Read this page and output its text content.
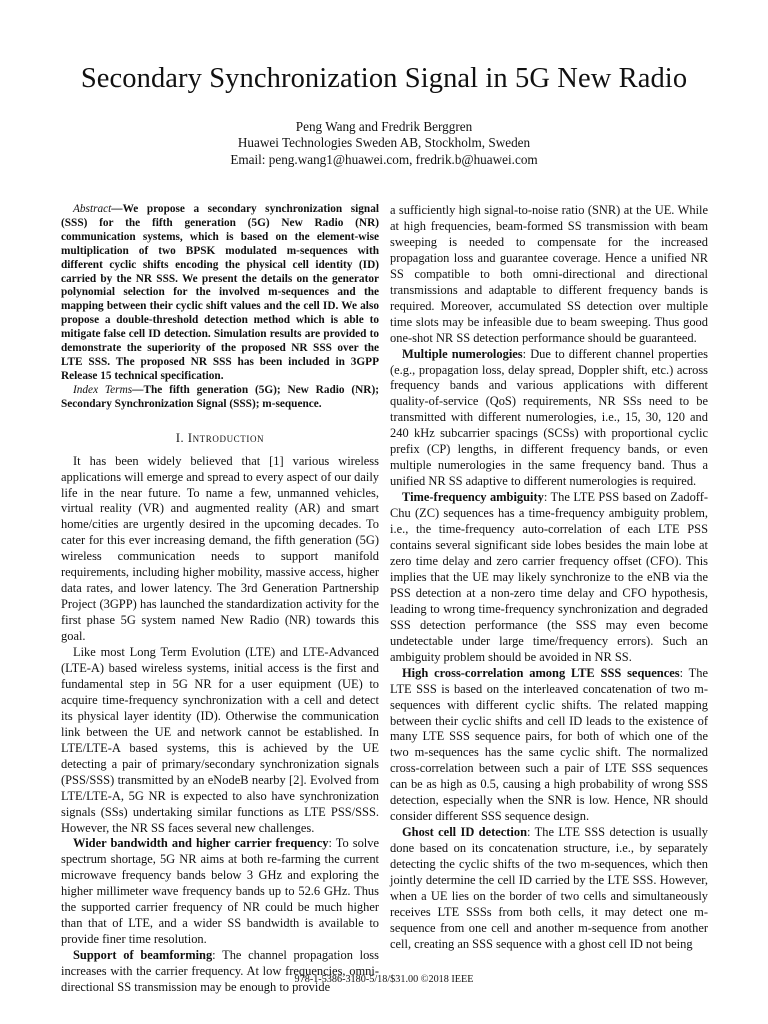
Secondary Synchronization Signal in 5G New Radio
Peng Wang and Fredrik Berggren
Huawei Technologies Sweden AB, Stockholm, Sweden
Email: peng.wang1@huawei.com, fredrik.b@huawei.com

Abstract—We propose a secondary synchronization signal (SSS) for the fifth generation (5G) New Radio (NR) communication systems, which is based on the element-wise multiplication of two BPSK modulated m-sequences with different cyclic shifts encoding the physical cell identity (ID) carried by the NR SSS. We present the details on the generator polynomial selection for the involved m-sequences and the mapping between their cyclic shift values and the cell ID. We also propose a double-threshold detection method which is able to mitigate false cell ID detection. Simulation results are provided to demonstrate the superiority of the proposed NR SSS over the LTE SSS. The proposed NR SSS has been included in 3GPP Release 15 technical specification.

Index Terms—The fifth generation (5G); New Radio (NR); Secondary Synchronization Signal (SSS); m-sequence.

I. Introduction

It has been widely believed that [1] various wireless applications will emerge and spread to every aspect of our daily life in the near future. To name a few, unmanned vehicles, virtual reality (VR) and augmented reality (AR) and smart home/cities are urgently desired in the upcoming decades. To cater for this ever increasing demand, the fifth generation (5G) wireless communication needs to support manifold requirements, including higher mobility, massive access, higher data rates, and lower latency. The 3rd Generation Partnership Project (3GPP) has launched the standardization activity for the first phase 5G system named New Radio (NR) towards this goal.

Like most Long Term Evolution (LTE) and LTE-Advanced (LTE-A) based wireless systems, initial access is the first and fundamental step in 5G NR for a user equipment (UE) to acquire time-frequency synchronization with a cell and detect its physical layer identity (ID). Otherwise the communication link between the UE and network cannot be established. In LTE/LTE-A based systems, this is achieved by the UE detecting a pair of primary/secondary synchronization signals (PSS/SSS) transmitted by an eNodeB nearby [2]. Evolved from LTE/LTE-A, 5G NR is expected to also have synchronization signals (SSs) undertaking similar functions as LTE PSS/SSS. However, the NR SS faces several new challenges.

Wider bandwidth and higher carrier frequency: To solve spectrum shortage, 5G NR aims at both re-farming the current microwave frequency bands below 3 GHz and exploring the higher millimeter wave frequency bands up to 52.6 GHz. Thus the supported carrier frequency of NR could be much higher than that of LTE, and a wider SS bandwidth is available to provide finer time resolution.

Support of beamforming: The channel propagation loss increases with the carrier frequency. At low frequencies, omni-directional SS transmission may be enough to provide

a sufficiently high signal-to-noise ratio (SNR) at the UE. While at high frequencies, beam-formed SS transmission with beam sweeping is needed to compensate for the increased propagation loss and guarantee coverage. Hence a unified NR SS compatible to both omni-directional and directional transmissions and adaptable to different frequency bands is required. Moreover, accumulated SS detection over multiple time slots may be infeasible due to beam sweeping. Thus good one-shot NR SS detection performance should be guaranteed.

Multiple numerologies: Due to different channel properties (e.g., propagation loss, delay spread, Doppler shift, etc.) across frequency bands and various applications with different quality-of-service (QoS) requirements, NR SSs need to be transmitted with different numerologies, i.e., 15, 30, 120 and 240 kHz subcarrier spacings (SCSs) with proportional cyclic prefix (CP) lengths, in different frequency bands, or even multiple numerologies in the same frequency band. Thus a unified NR SS adaptive to different numerologies is required.

Time-frequency ambiguity: The LTE PSS based on Zadoff-Chu (ZC) sequences has a time-frequency ambiguity problem, i.e., the time-frequency auto-correlation of each LTE PSS contains several significant side lobes besides the main lobe at zero time delay and zero carrier frequency offset (CFO). This implies that the UE may likely synchronize to the eNB via the PSS detection at a non-zero time delay and CFO hypothesis, leading to wrong time-frequency synchronization and degraded SSS detection performance (the SSS may even become undetectable under large time/frequency errors). Such an ambiguity problem should be avoided in NR SS.

High cross-correlation among LTE SSS sequences: The LTE SSS is based on the interleaved concatenation of two m-sequences with different cyclic shifts. The related mapping between their cyclic shifts and cell ID leads to the existence of many LTE SSS sequence pairs, for both of which one of the two m-sequences has the same cyclic shift. The normalized cross-correlation between such a pair of LTE SSS sequences can be as high as 0.5, causing a high probability of wrong SSS detection, especially when the SNR is low. Hence, NR should consider different SSS sequence design.

Ghost cell ID detection: The LTE SSS detection is usually done based on its concatenation structure, i.e., by separately detecting the cyclic shifts of the two m-sequences, which then jointly determine the cell ID carried by the LTE SSS. However, when a UE lies on the border of two cells and simultaneously receives LTE SSSs from both cells, it may detect one m-sequence from one cell and another m-sequence from another cell, creating an SSS sequence with a ghost cell ID not being

978-1-5386-3180-5/18/$31.00 ©2018 IEEE
